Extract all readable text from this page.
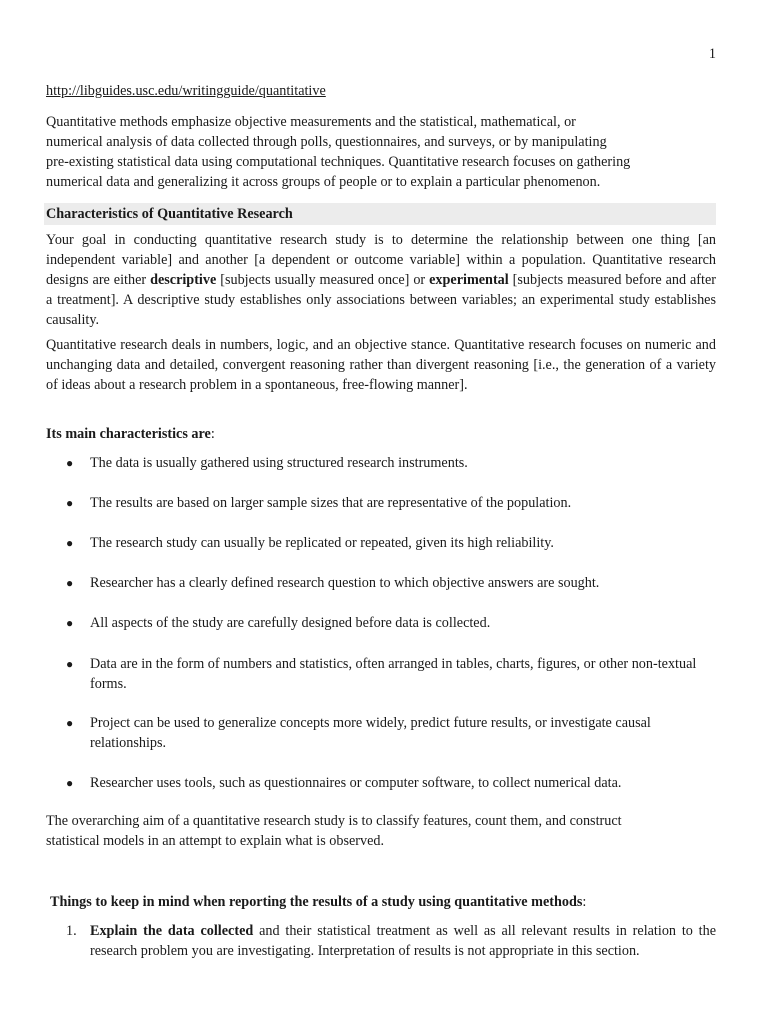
1
http://libguides.usc.edu/writingguide/quantitative
Quantitative methods emphasize objective measurements and the statistical, mathematical, or
numerical analysis of data collected through polls, questionnaires, and surveys, or by manipulating
pre-existing statistical data using computational techniques. Quantitative research focuses on gathering
numerical data and generalizing it across groups of people or to explain a particular phenomenon.
Characteristics of Quantitative Research

Your goal in conducting quantitative research study is to determine the relationship between one thing [an independent variable] and another [a dependent or outcome variable] within a population. Quantitative research designs are either descriptive [subjects usually measured once] or experimental [subjects measured before and after a treatment]. A descriptive study establishes only associations between variables; an experimental study establishes causality.

Quantitative research deals in numbers, logic, and an objective stance. Quantitative research focuses on numeric and unchanging data and detailed, convergent reasoning rather than divergent reasoning [i.e., the generation of a variety of ideas about a research problem in a spontaneous, free-flowing manner].

Its main characteristics are:
●	The data is usually gathered using structured research instruments.
●	The results are based on larger sample sizes that are representative of the population.
●	The research study can usually be replicated or repeated, given its high reliability.
●	Researcher has a clearly defined research question to which objective answers are sought.
●	All aspects of the study are carefully designed before data is collected.
●	Data are in the form of numbers and statistics, often arranged in tables, charts, figures, or other non-textual forms.
●	Project can be used to generalize concepts more widely, predict future results, or investigate causal relationships.
●	Researcher uses tools, such as questionnaires or computer software, to collect numerical data.
The overarching aim of a quantitative research study is to classify features, count them, and construct
statistical models in an attempt to explain what is observed.
Things to keep in mind when reporting the results of a study using quantitative methods:
1. Explain the data collected and their statistical treatment as well as all relevant results in relation to the research problem you are investigating. Interpretation of results is not appropriate in this section.
